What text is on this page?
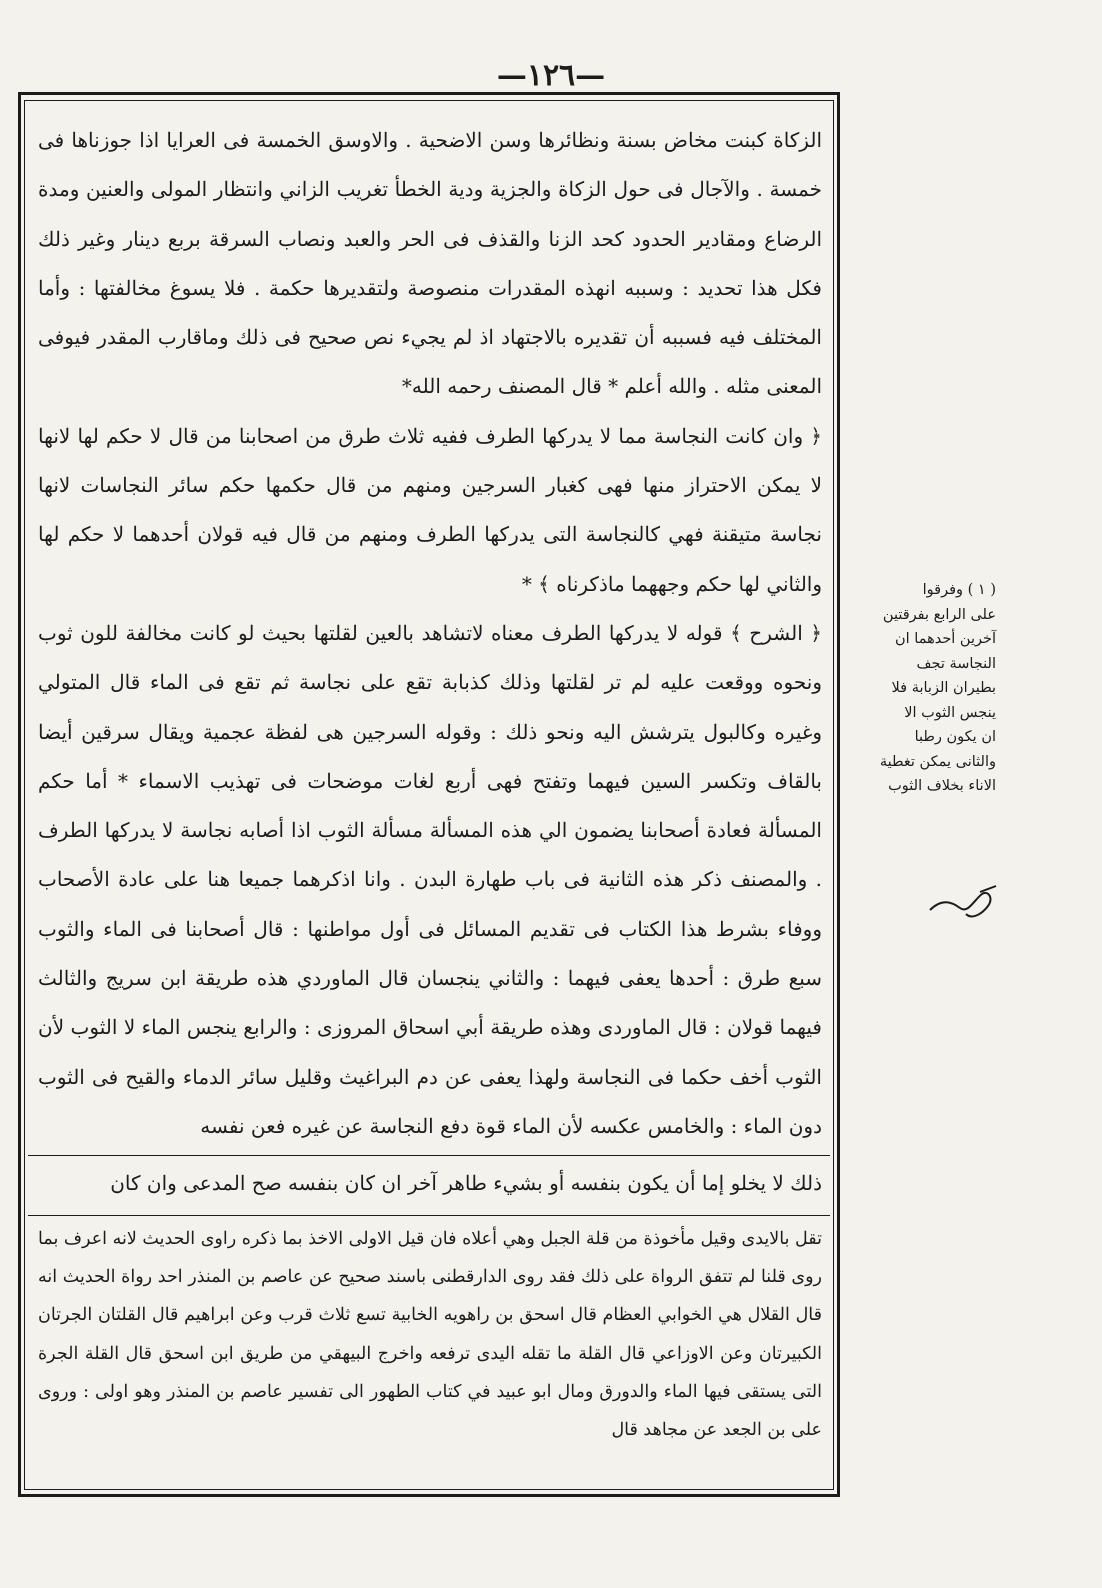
—١٢٦—

الزكاة كبنت مخاض بسنة ونظائرها وسن الاضحية . والاوسق الخمسة فى العرايا اذا جوزناها فى خمسة . والآجال فى حول الزكاة والجزية ودية الخطأ تغريب الزاني وانتظار المولى والعنين ومدة الرضاع ومقادير الحدود كحد الزنا والقذف فى الحر والعبد ونصاب السرقة بربع دينار وغير ذلك فكل هذا تحديد : وسببه انهذه المقدرات منصوصة ولتقديرها حكمة . فلا يسوغ مخالفتها : وأما المختلف فيه فسببه أن تقديره بالاجتهاد اذ لم يجيء نص صحيح فى ذلك وماقارب المقدر فيوفى المعنى مثله . والله أعلم * قال المصنف رحمه الله*

﴿ وان كانت النجاسة مما لا يدركها الطرف ففيه ثلاث طرق من اصحابنا من قال لا حكم لها لانها لا يمكن الاحتراز منها فهى كغبار السرجين ومنهم من قال حكمها حكم سائر النجاسات لانها نجاسة متيقنة فهي كالنجاسة التى يدركها الطرف ومنهم من قال فيه قولان أحدهما لا حكم لها والثاني لها حكم وجههما ماذكرناه ﴾ *

﴿ الشرح ﴾ قوله لا يدركها الطرف معناه لاتشاهد بالعين لقلتها بحيث لو كانت مخالفة للون ثوب ونحوه ووقعت عليه لم تر لقلتها وذلك كذبابة تقع على نجاسة ثم تقع فى الماء قال المتولي وغيره وكالبول يترشش اليه ونحو ذلك : وقوله السرجين هى لفظة عجمية ويقال سرقين أيضا بالقاف وتكسر السين فيهما وتفتح فهى أربع لغات موضحات فى تهذيب الاسماء * أما حكم المسألة فعادة أصحابنا يضمون الي هذه المسألة مسألة الثوب اذا أصابه نجاسة لا يدركها الطرف . والمصنف ذكر هذه الثانية فى باب طهارة البدن . وانا اذكرهما جميعا هنا على عادة الأصحاب ووفاء بشرط هذا الكتاب فى تقديم المسائل فى أول مواطنها : قال أصحابنا فى الماء والثوب سبع طرق : أحدها يعفى فيهما : والثاني ينجسان قال الماوردي هذه طريقة ابن سريج والثالث فيهما قولان : قال الماوردى وهذه طريقة أبي اسحاق المروزى : والرابع ينجس الماء لا الثوب لأن الثوب أخف حكما فى النجاسة ولهذا يعفى عن دم البراغيث وقليل سائر الدماء والقيح فى الثوب دون الماء : والخامس عكسه لأن الماء قوة دفع النجاسة عن غيره فعن نفسه

ذلك لا يخلو إما أن يكون بنفسه أو بشيء طاهر آخر ان كان بنفسه صح المدعى وان كان

تقل بالايدى وقيل مأخوذة من قلة الجبل وهي أعلاه فان قيل الاولى الاخذ بما ذكره راوى الحديث لانه اعرف بما روى قلنا لم تتفق الرواة على ذلك فقد روى الدارقطنى باسند صحيح عن عاصم بن المنذر احد رواة الحديث انه قال القلال هي الخوابي العظام قال اسحق بن راهويه الخابية تسع ثلاث قرب وعن ابراهيم قال القلتان الجرتان الكبيرتان وعن الاوزاعي قال القلة ما تقله اليدى ترفعه واخرج البيهقي من طريق ابن اسحق قال القلة الجرة التى يستقى فيها الماء والدورق ومال ابو عبيد في كتاب الطهور الى تفسير عاصم بن المنذر وهو اولى : وروى على بن الجعد عن مجاهد قال

( ١ ) وفرقوا

على الرابع بفرقتين

آخرين أحدهما ان

النجاسة تجف

بطيران الزبابة فلا

ينجس الثوب الا

ان يكون رطبا

والثانى يمكن تغطية

الاناء بخلاف الثوب
